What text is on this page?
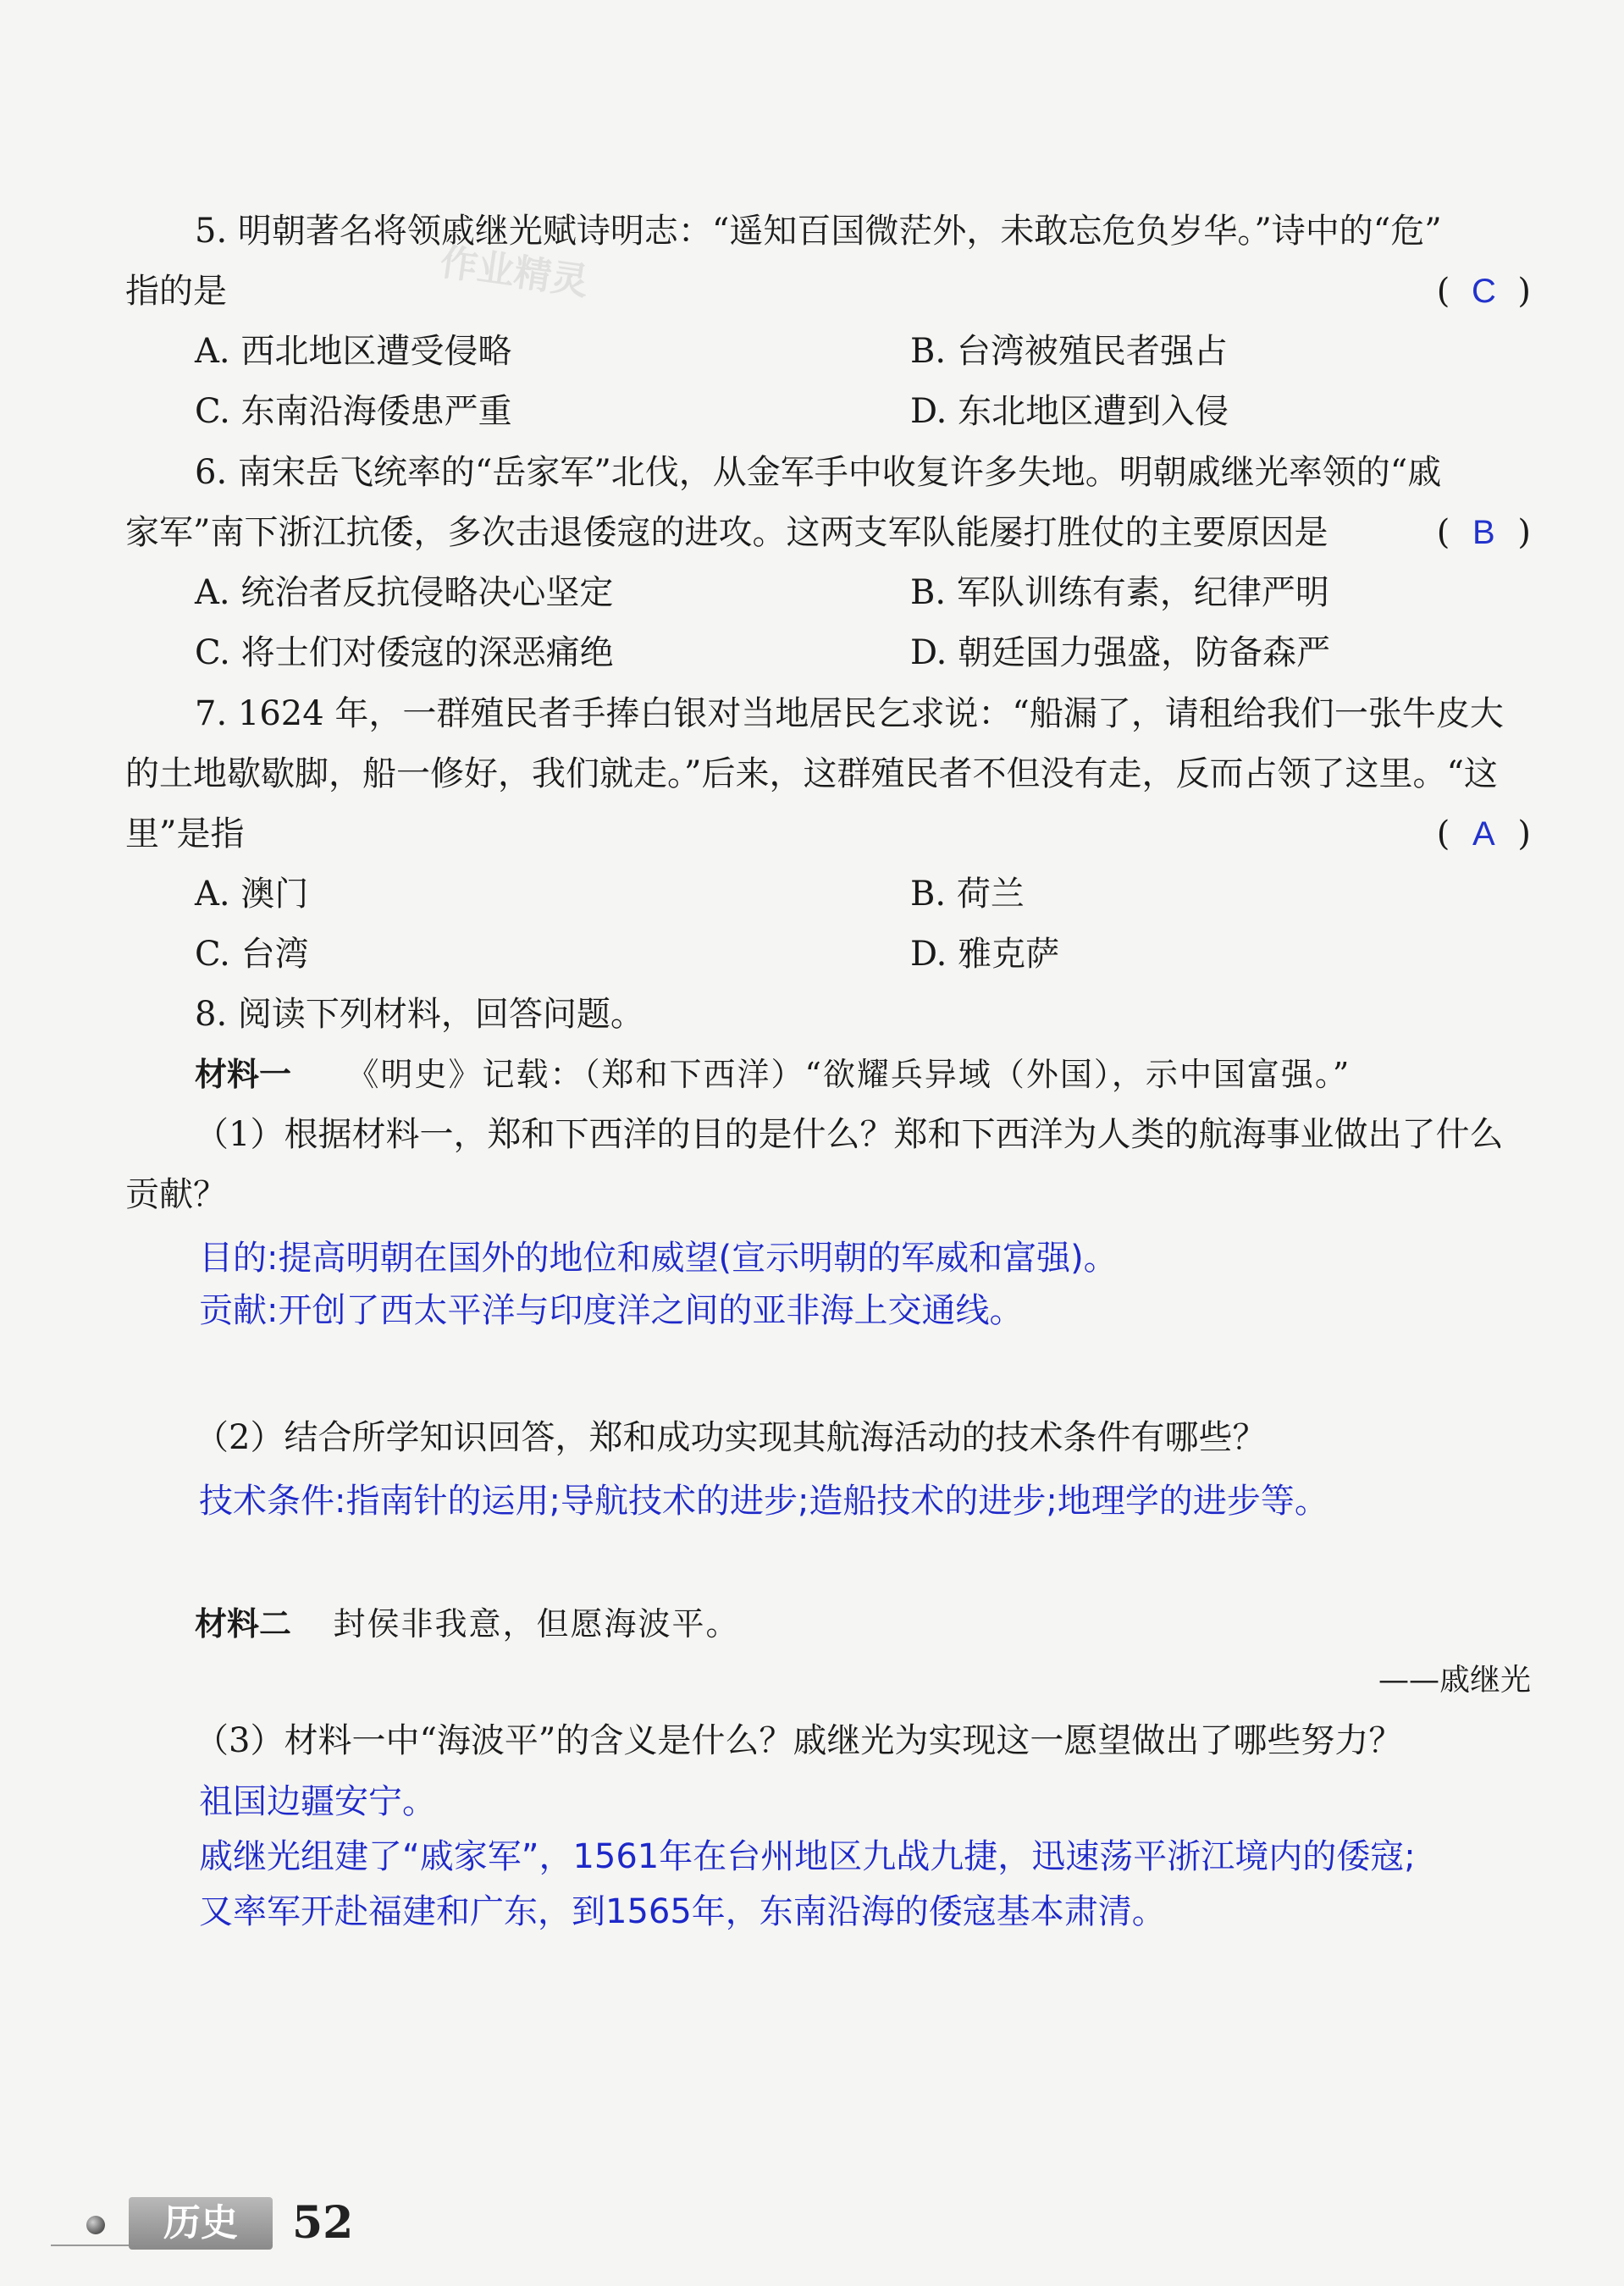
作业精灵
5. 明朝著名将领戚继光赋诗明志：“遥知百国微茫外，未敢忘危负岁华。”诗中的“危”
指的是	( C )
A. 西北地区遭受侵略	B. 台湾被殖民者强占
C. 东南沿海倭患严重	D. 东北地区遭到入侵
6. 南宋岳飞统率的“岳家军”北伐，从金军手中收复许多失地。明朝戚继光率领的“戚
家军”南下浙江抗倭，多次击退倭寇的进攻。这两支军队能屡打胜仗的主要原因是	( B )
A. 统治者反抗侵略决心坚定	B. 军队训练有素，纪律严明
C. 将士们对倭寇的深恶痛绝	D. 朝廷国力强盛，防备森严
7. 1624 年，一群殖民者手捧白银对当地居民乞求说：“船漏了，请租给我们一张牛皮大
的土地歇歇脚，船一修好，我们就走。”后来，这群殖民者不但没有走，反而占领了这里。“这
里”是指	( A )
A. 澳门	B. 荷兰
C. 台湾	D. 雅克萨
8. 阅读下列材料，回答问题。
材料一 《明史》记载：（郑和下西洋）“欲耀兵异域（外国），示中国富强。”
（1）根据材料一，郑和下西洋的目的是什么？郑和下西洋为人类的航海事业做出了什么
贡献？
目的:提高明朝在国外的地位和威望(宣示明朝的军威和富强)。
贡献:开创了西太平洋与印度洋之间的亚非海上交通线。
（2）结合所学知识回答，郑和成功实现其航海活动的技术条件有哪些？
技术条件:指南针的运用;导航技术的进步;造船技术的进步;地理学的进步等。
材料二 封侯非我意，但愿海波平。
——戚继光
（3）材料一中“海波平”的含义是什么？戚继光为实现这一愿望做出了哪些努力？
祖国边疆安宁。
戚继光组建了“戚家军”，1561年在台州地区九战九捷，迅速荡平浙江境内的倭寇;
又率军开赴福建和广东，到1565年，东南沿海的倭寇基本肃清。
历史	52
